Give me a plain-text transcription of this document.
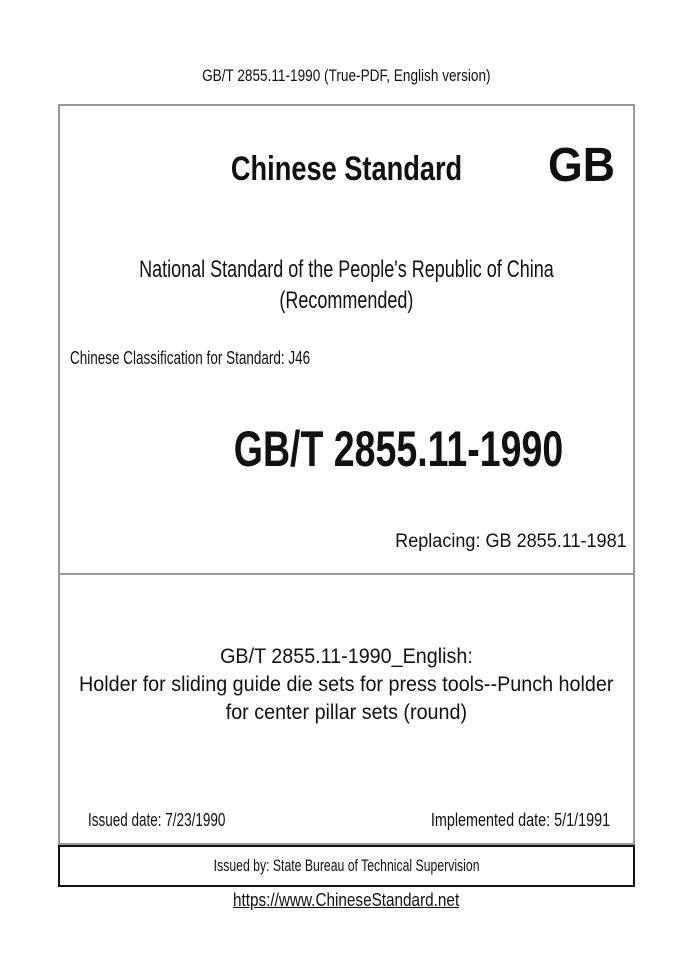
GB/T 2855.11-1990 (True-PDF, English version)
Chinese Standard	GB
National Standard of the People's Republic of China
(Recommended)
Chinese Classification for Standard: J46
GB/T 2855.11-1990
Replacing: GB 2855.11-1981
GB/T 2855.11-1990_English:
Holder for sliding guide die sets for press tools--Punch holder
for center pillar sets (round)
Issued date: 7/23/1990	Implemented date: 5/1/1991
Issued by: State Bureau of Technical Supervision
https://www.ChineseStandard.net
